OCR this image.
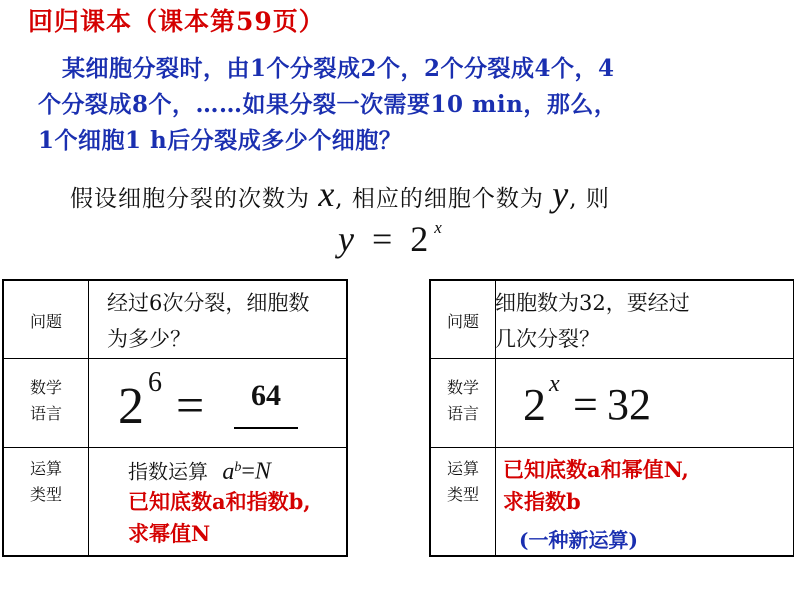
回归课本（课本第59页）
某细胞分裂时，由1个分裂成2个，2个分裂成4个，4
个分裂成8个，……如果分裂一次需要10 min，那么，
1个细胞1 h后分裂成多少个细胞？
假设细胞分裂的次数为 x, 相应的细胞个数为 y, 则
y = 2 $^x$
问题
经过6次分裂，细胞数
为多少？
数学
语言	2 6 =	64
运算
类型
指数运算 $a^b=N$
已知底数a和指数b,
求幂值N
问题
细胞数为32，要经过
几次分裂？
数学
语言 2 x = 32
运算
类型
已知底数a和幂值N,
求指数b
(一种新运算)
